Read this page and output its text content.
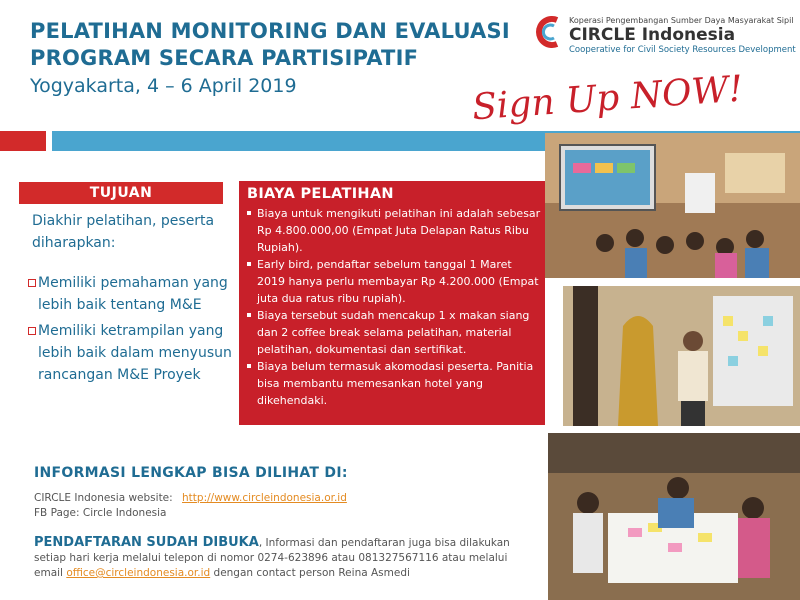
PELATIHAN MONITORING DAN EVALUASI
PROGRAM SECARA PARTISIPATIF
Yogyakarta, 4 – 6 April 2019
Koperasi Pengembangan Sumber Daya Masyarakat Sipil
CIRCLE Indonesia
Cooperative for Civil Society Resources Development
Sign Up NOW!
TUJUAN
Diakhir pelatihan, peserta diharapkan:
Memiliki pemahaman yang lebih baik tentang M&E
Memiliki ketrampilan yang lebih baik dalam menyusun rancangan M&E Proyek
BIAYA PELATIHAN
Biaya untuk mengikuti pelatihan ini adalah sebesar Rp 4.800.000,00 (Empat Juta Delapan Ratus Ribu Rupiah).
Early bird, pendaftar sebelum tanggal 1 Maret 2019 hanya perlu membayar Rp 4.200.000 (Empat juta dua ratus ribu rupiah).
Biaya tersebut sudah mencakup 1 x makan siang dan 2 coffee break selama pelatihan, material pelatihan, dokumentasi dan sertifikat.
Biaya belum termasuk akomodasi peserta. Panitia bisa membantu memesankan hotel yang dikehendaki.
INFORMASI LENGKAP BISA DILIHAT DI:
CIRCLE Indonesia website: http://www.circleindonesia.or.id
FB Page: Circle Indonesia
PENDAFTARAN SUDAH DIBUKA, Informasi dan pendaftaran juga bisa dilakukan setiap hari kerja melalui telepon di nomor 0274-623896 atau 081327567116 atau melalui email office@circleindonesia.or.id dengan contact person Reina Asmedi
